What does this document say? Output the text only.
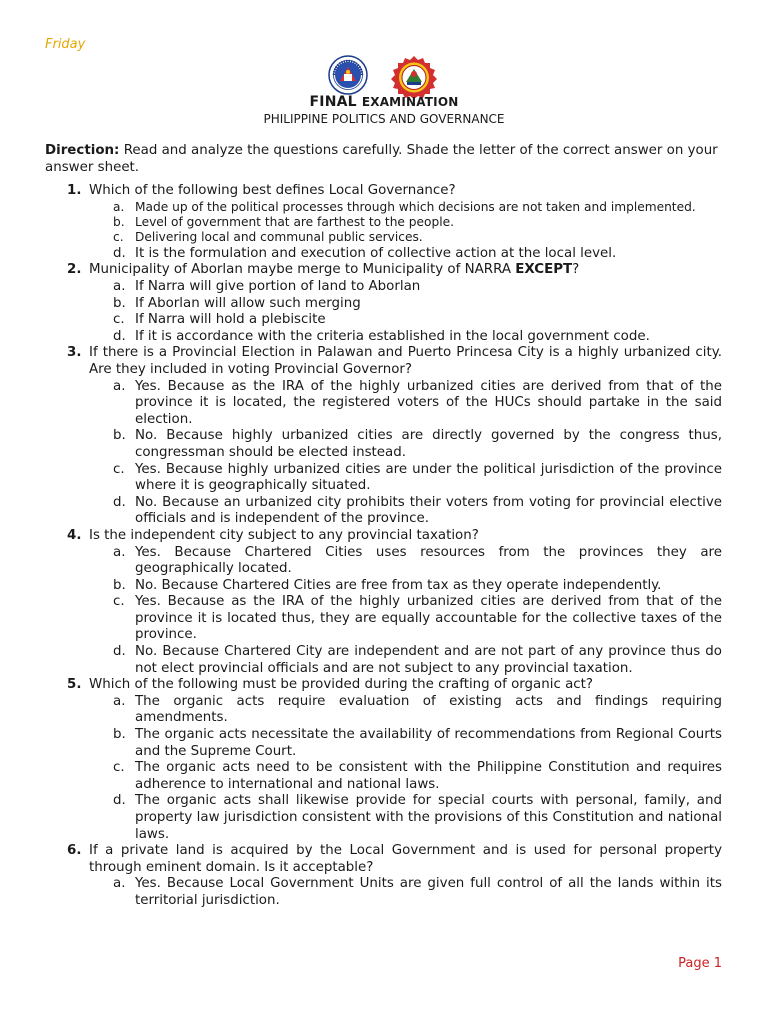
Friday
FINAL EXAMINATION
PHILIPPINE POLITICS AND GOVERNANCE
Direction: Read and analyze the questions carefully. Shade the letter of the correct answer on your answer sheet.
1. Which of the following best defines Local Governance?
a. Made up of the political processes through which decisions are not taken and implemented.
b. Level of government that are farthest to the people.
c. Delivering local and communal public services.
d. It is the formulation and execution of collective action at the local level.
2. Municipality of Aborlan maybe merge to Municipality of NARRA EXCEPT?
a. If Narra will give portion of land to Aborlan
b. If Aborlan will allow such merging
c. If Narra will hold a plebiscite
d. If it is accordance with the criteria established in the local government code.
3. If there is a Provincial Election in Palawan and Puerto Princesa City is a highly urbanized city. Are they included in voting Provincial Governor?
a. Yes. Because as the IRA of the highly urbanized cities are derived from that of the province it is located, the registered voters of the HUCs should partake in the said election.
b. No. Because highly urbanized cities are directly governed by the congress thus, congressman should be elected instead.
c. Yes. Because highly urbanized cities are under the political jurisdiction of the province where it is geographically situated.
d. No. Because an urbanized city prohibits their voters from voting for provincial elective officials and is independent of the province.
4. Is the independent city subject to any provincial taxation?
a. Yes. Because Chartered Cities uses resources from the provinces they are geographically located.
b. No. Because Chartered Cities are free from tax as they operate independently.
c. Yes. Because as the IRA of the highly urbanized cities are derived from that of the province it is located thus, they are equally accountable for the collective taxes of the province.
d. No. Because Chartered City are independent and are not part of any province thus do not elect provincial officials and are not subject to any provincial taxation.
5. Which of the following must be provided during the crafting of organic act?
a. The organic acts require evaluation of existing acts and findings requiring amendments.
b. The organic acts necessitate the availability of recommendations from Regional Courts and the Supreme Court.
c. The organic acts need to be consistent with the Philippine Constitution and requires adherence to international and national laws.
d. The organic acts shall likewise provide for special courts with personal, family, and property law jurisdiction consistent with the provisions of this Constitution and national laws.
6. If a private land is acquired by the Local Government and is used for personal property through eminent domain. Is it acceptable?
a. Yes. Because Local Government Units are given full control of all the lands within its territorial jurisdiction.
Page 1
